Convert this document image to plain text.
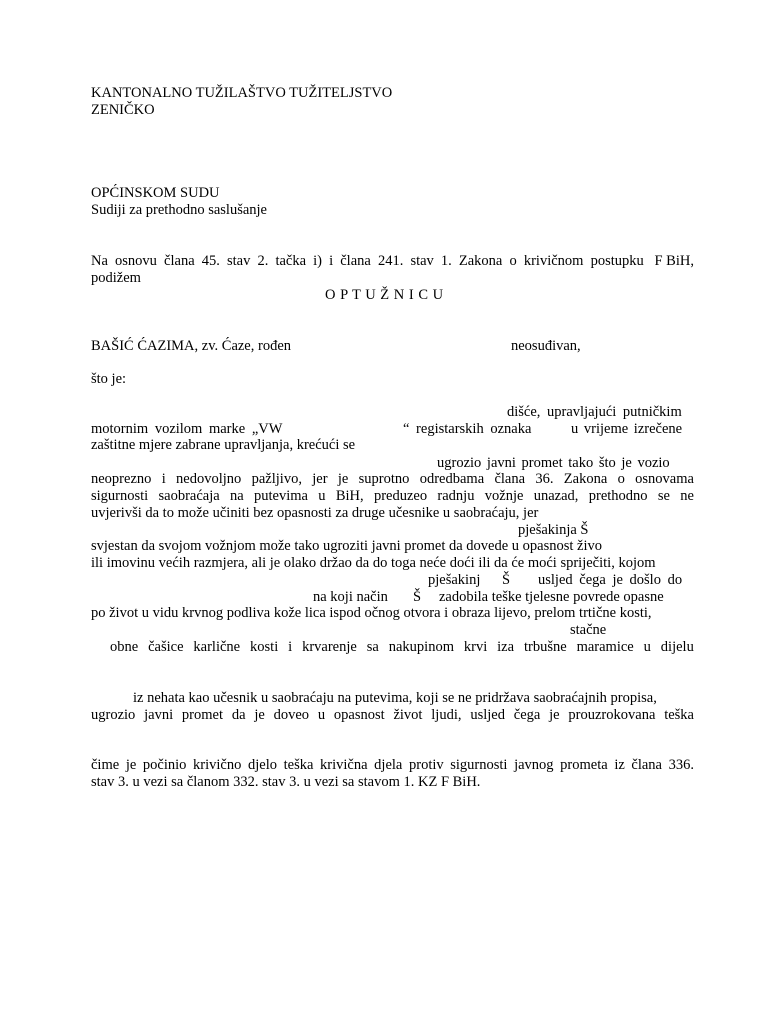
KANTONALNO TUŽILAŠTVO TUŽITELJSTVO
ZENIČKO
OPĆINSKOM SUDU
Sudiji za prethodno saslušanje
Na osnovu člana 45. stav 2. tačka i) i člana 241. stav 1. Zakona o krivičnom postupku F BiH,
podižem
O P T U Ž N I C U
BAŠIĆ ĆAZIMA, zv. Ćaze, rođen	neosuđivan,
što je:
dišće, upravljajući putničkim
motornim vozilom marke „VW	“ registarskih oznaka	u vrijeme izrečene
zaštitne mjere zabrane upravljanja, krećući se
ugrozio javni promet tako što je vozio
neoprezno i nedovoljno pažljivo, jer je suprotno odredbama člana 36. Zakona o osnovama
sigurnosti saobraćaja na putevima u BiH, preduzeo radnju vožnje unazad, prethodno se ne
uvjerivši da to može učiniti bez opasnosti za druge učesnike u saobraćaju, jer
pješakinja Š
svjestan da svojom vožnjom može tako ugroziti javni promet da dovede u opasnost živo
ili imovinu većih razmjera, ali je olako držao da do toga neće doći ili da će moći spriječiti, kojom
pješakinj Š usljed čega je došlo do
na koji način Š zadobila teške tjelesne povrede opasne
po život u vidu krvnog podliva kože lica ispod očnog otvora i obraza lijevo, prelom trtične kosti,
stačne
obne čašice karlične kosti i krvarenje sa nakupinom krvi iza trbušne maramice u dijelu
iz nehata kao učesnik u saobraćaju na putevima, koji se ne pridržava saobraćajnih propisa,
ugrozio javni promet da je doveo u opasnost život ljudi, usljed čega je prouzrokovana teška
čime je počinio krivično djelo teška krivična djela protiv sigurnosti javnog prometa iz člana 336.
stav 3. u vezi sa članom 332. stav 3. u vezi sa stavom 1. KZ F BiH.
